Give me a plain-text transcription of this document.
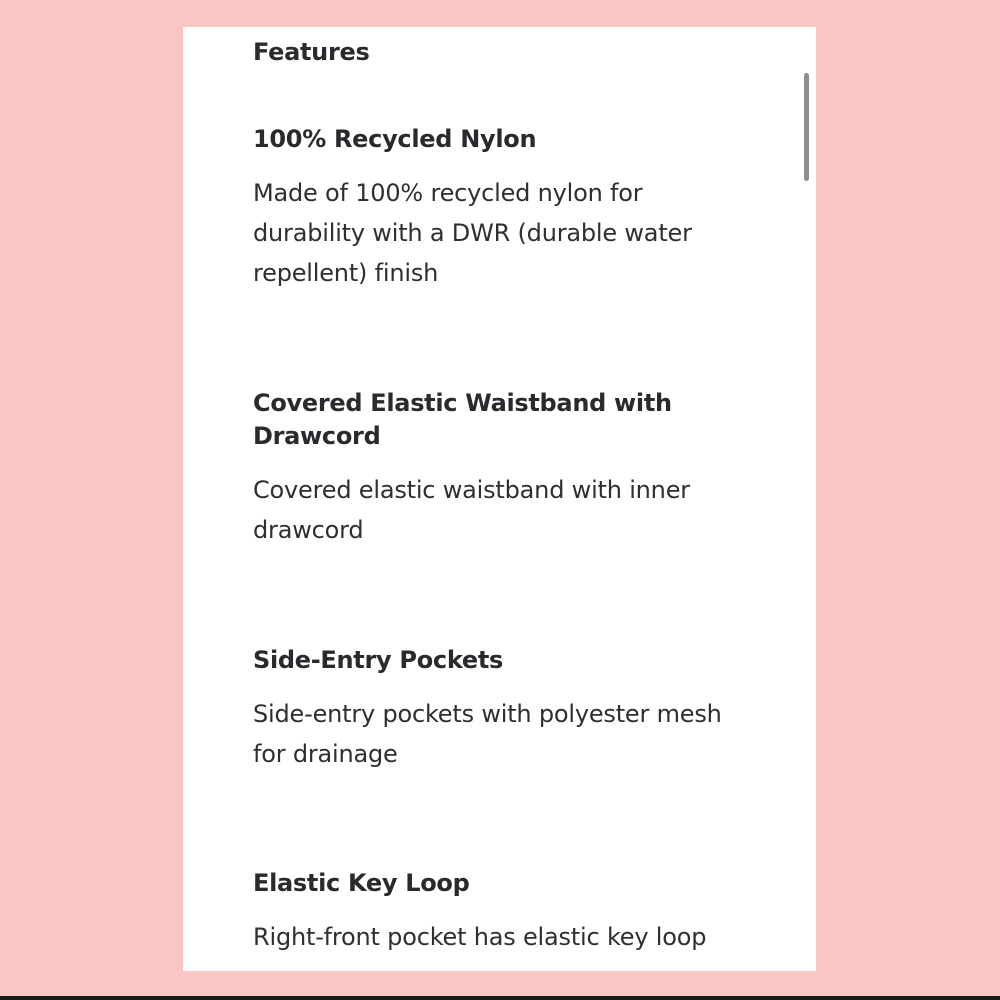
Features
100% Recycled Nylon

Made of 100% recycled nylon for durability with a DWR (durable water repellent) finish

Covered Elastic Waistband with Drawcord

Covered elastic waistband with inner drawcord

Side-Entry Pockets

Side-entry pockets with polyester mesh for drainage

Elastic Key Loop

Right-front pocket has elastic key loop
